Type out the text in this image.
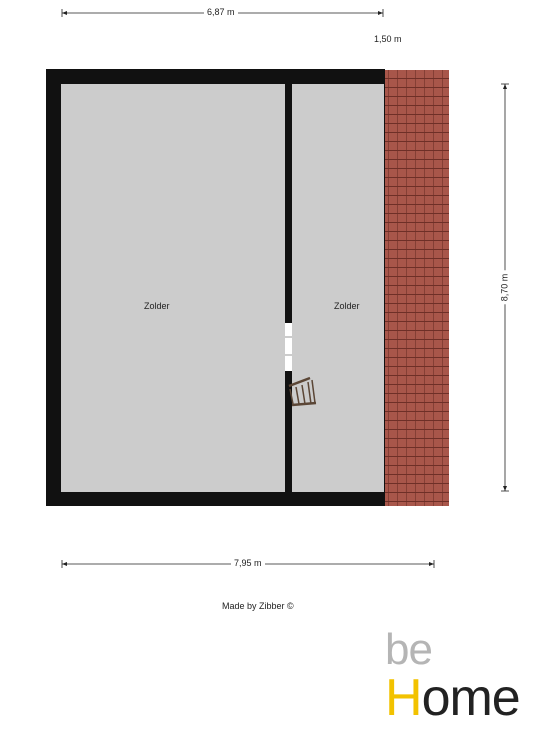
6,87 m
1,50 m
8,70 m
7,95 m
Zolder	Zolder
Made by Zibber ©
be
Home
